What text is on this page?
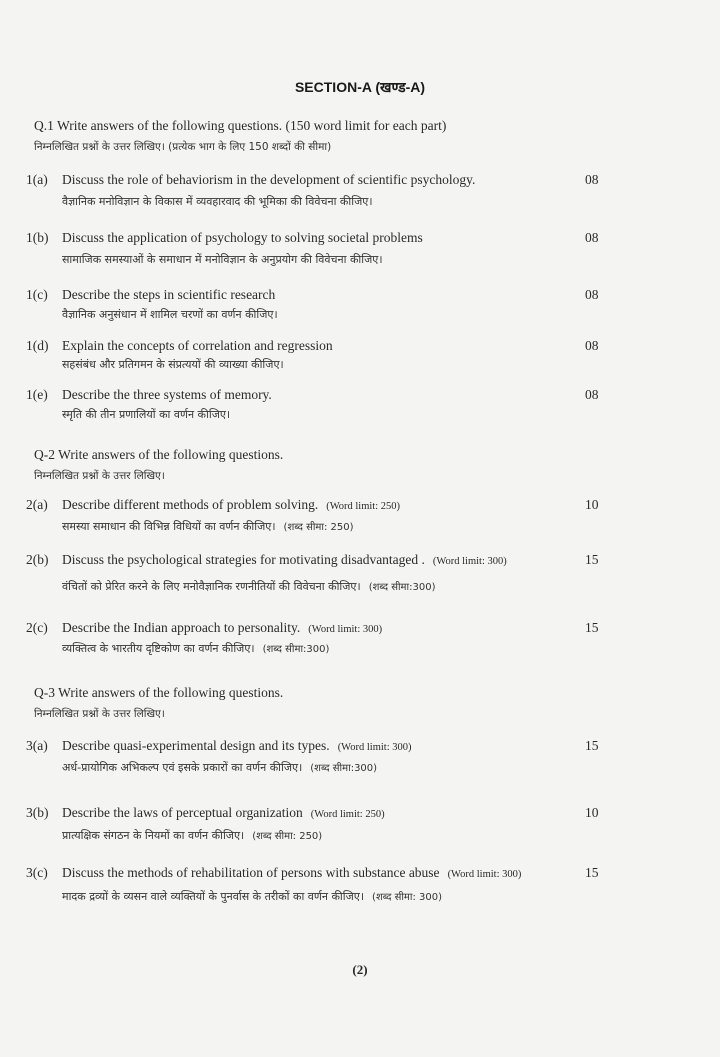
SECTION-A (खण्ड-A)
Q.1 Write answers of the following questions. (150 word limit for each part)
निम्नलिखित प्रश्नों के उत्तर लिखिए। (प्रत्येक भाग के लिए 150 शब्दों की सीमा)
1(a) Discuss the role of behaviorism in the development of scientific psychology.
वैज्ञानिक मनोविज्ञान के विकास में व्यवहारवाद की भूमिका की विवेचना कीजिए।
08
1(b) Discuss the application of psychology to solving societal problems
सामाजिक समस्याओं के समाधान में मनोविज्ञान के अनुप्रयोग की विवेचना कीजिए।
08
1(c) Describe the steps in scientific research
वैज्ञानिक अनुसंधान में शामिल चरणों का वर्णन कीजिए।
08
1(d) Explain the concepts of correlation and regression
सहसंबंध और प्रतिगमन के संप्रत्ययों की व्याख्या कीजिए।
08
1(e) Describe the three systems of memory.
स्मृति की तीन प्रणालियों का वर्णन कीजिए।
08
Q-2 Write answers of the following questions.
निम्नलिखित प्रश्नों के उत्तर लिखिए।
2(a) Describe different methods of problem solving. (Word limit: 250)
समस्या समाधान की विभिन्न विधियों का वर्णन कीजिए। (शब्द सीमा: 250)
10
2(b) Discuss the psychological strategies for motivating disadvantaged . (Word limit: 300)
वंचितों को प्रेरित करने के लिए मनोवैज्ञानिक रणनीतियों की विवेचना कीजिए। (शब्द सीमा:300)
15
2(c) Describe the Indian approach to personality. (Word limit: 300)
व्यक्तित्व के भारतीय दृष्टिकोण का वर्णन कीजिए। (शब्द सीमा:300)
15
Q-3 Write answers of the following questions.
निम्नलिखित प्रश्नों के उत्तर लिखिए।
3(a) Describe quasi-experimental design and its types. (Word limit: 300)
अर्ध-प्रायोगिक अभिकल्प एवं इसके प्रकारों का वर्णन कीजिए। (शब्द सीमा:300)
15
3(b) Describe the laws of perceptual organization (Word limit: 250)
प्रात्यक्षिक संगठन के नियमों का वर्णन कीजिए। (शब्द सीमा: 250)
10
3(c) Discuss the methods of rehabilitation of persons with substance abuse (Word limit: 300)
मादक द्रव्यों के व्यसन वाले व्यक्तियों के पुनर्वास के तरीकों का वर्णन कीजिए। (शब्द सीमा: 300)
15
(2)
